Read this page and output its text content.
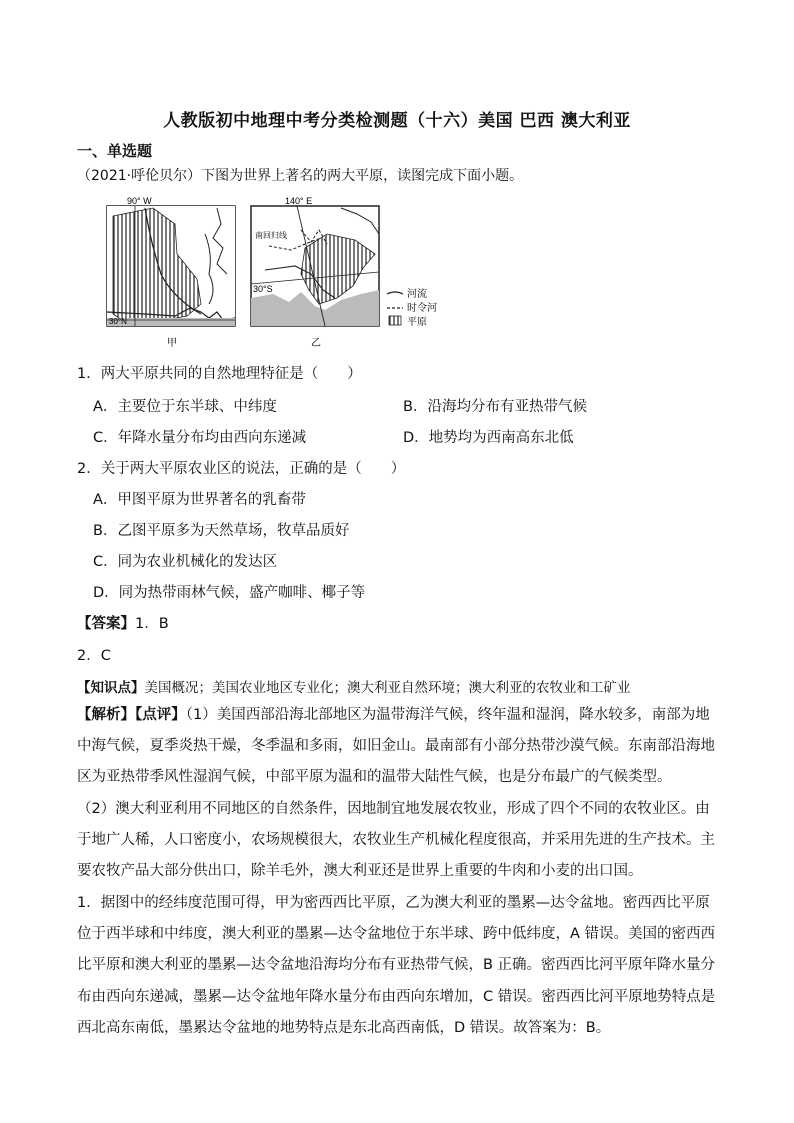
人教版初中地理中考分类检测题（十六）美国 巴西 澳大利亚
一、单选题
（2021·呼伦贝尔）下图为世界上著名的两大平原，读图完成下面小题。
90° W
30°N
甲
140° E
南回归线
30°S
乙
河流
时令河
平原
1．两大平原共同的自然地理特征是（　　）
A．主要位于东半球、中纬度	B．沿海均分布有亚热带气候
C．年降水量分布均由西向东递减	D．地势均为西南高东北低
2．关于两大平原农业区的说法，正确的是（　　）
A．甲图平原为世界著名的乳畜带
B．乙图平原多为天然草场，牧草品质好
C．同为农业机械化的发达区
D．同为热带雨林气候，盛产咖啡、椰子等
【答案】1．B
2．C
【知识点】美国概况；美国农业地区专业化；澳大利亚自然环境；澳大利亚的农牧业和工矿业
【解析】【点评】（1）美国西部沿海北部地区为温带海洋气候，终年温和湿润，降水较多，南部为地中海气候，夏季炎热干燥，冬季温和多雨，如旧金山。最南部有小部分热带沙漠气候。东南部沿海地区为亚热带季风性湿润气候，中部平原为温和的温带大陆性气候，也是分布最广的气候类型。
（2）澳大利亚利用不同地区的自然条件，因地制宜地发展农牧业，形成了四个不同的农牧业区。由于地广人稀，人口密度小，农场规模很大，农牧业生产机械化程度很高，并采用先进的生产技术。主要农牧产品大部分供出口，除羊毛外，澳大利亚还是世界上重要的牛肉和小麦的出口国。
1．据图中的经纬度范围可得，甲为密西西比平原，乙为澳大利亚的墨累—达令盆地。密西西比平原位于西半球和中纬度，澳大利亚的墨累—达令盆地位于东半球、跨中低纬度，A 错误。美国的密西西比平原和澳大利亚的墨累—达令盆地沿海均分布有亚热带气候，B 正确。密西西比河平原年降水量分布由西向东递减，墨累—达令盆地年降水量分布由西向东增加，C 错误。密西西比河平原地势特点是西北高东南低，墨累达令盆地的地势特点是东北高西南低，D 错误。故答案为：B。
